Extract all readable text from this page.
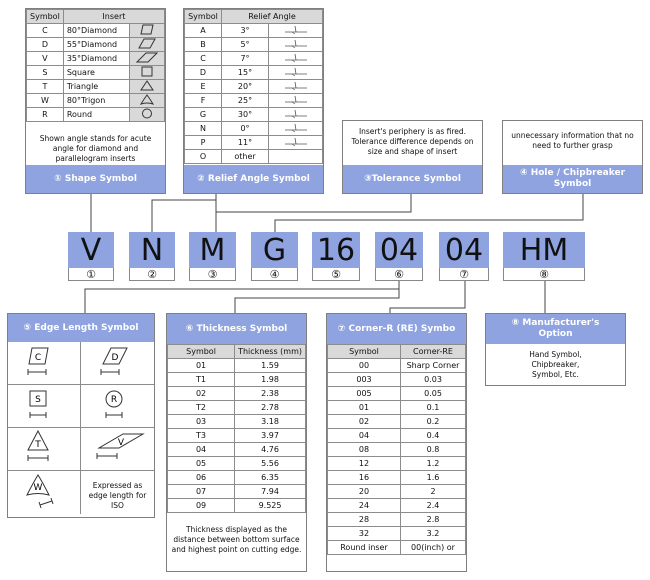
Symbol	Insert	
C	80°Diamond	
D	55°Diamond	
V	35°Diamond	
S	Square	
T	Triangle	
W	80°Trigon	
R	Round	
Shown angle stands for acute angle for diamond and parallelogram inserts
① Shape Symbol
Symbol	Relief Angle	
A	3°	
B	5°	
C	7°	
D	15°	
E	20°	
F	25°	
G	30°	
N	0°	
P	11°	
O	other	
② Relief Angle Symbol
Insert's periphery is as fired. Tolerance difference depends on size and shape of insert
③Tolerance Symbol
unnecessary information that no need to further grasp
④ Hole / Chipbreaker Symbol
V
①
N
②
M
③
G
④
16
⑤
04
⑥
04
⑦
HM
⑧
⑤ Edge Length Symbol
C	D
S	R
T	V
W	Expressed as edge length for ISO
⑥ Thickness Symbol
Symbol	Thickness (mm)
01	1.59
T1	1.98
02	2.38
T2	2.78
03	3.18
T3	3.97
04	4.76
05	5.56
06	6.35
07	7.94
09	9.525
Thickness displayed as the distance between bottom surface and highest point on cutting edge.
⑦ Corner-R (RE) Symbo
Symbol	Corner-RE
00	Sharp Corner
003	0.03
005	0.05
01	0.1
02	0.2
04	0.4
08	0.8
12	1.2
16	1.6
20	2
24	2.4
28	2.8
32	3.2
Round inser	00(inch) or
⑧ Manufacturer's Option
Hand Symbol, Chipbreaker, Symbol, Etc.
